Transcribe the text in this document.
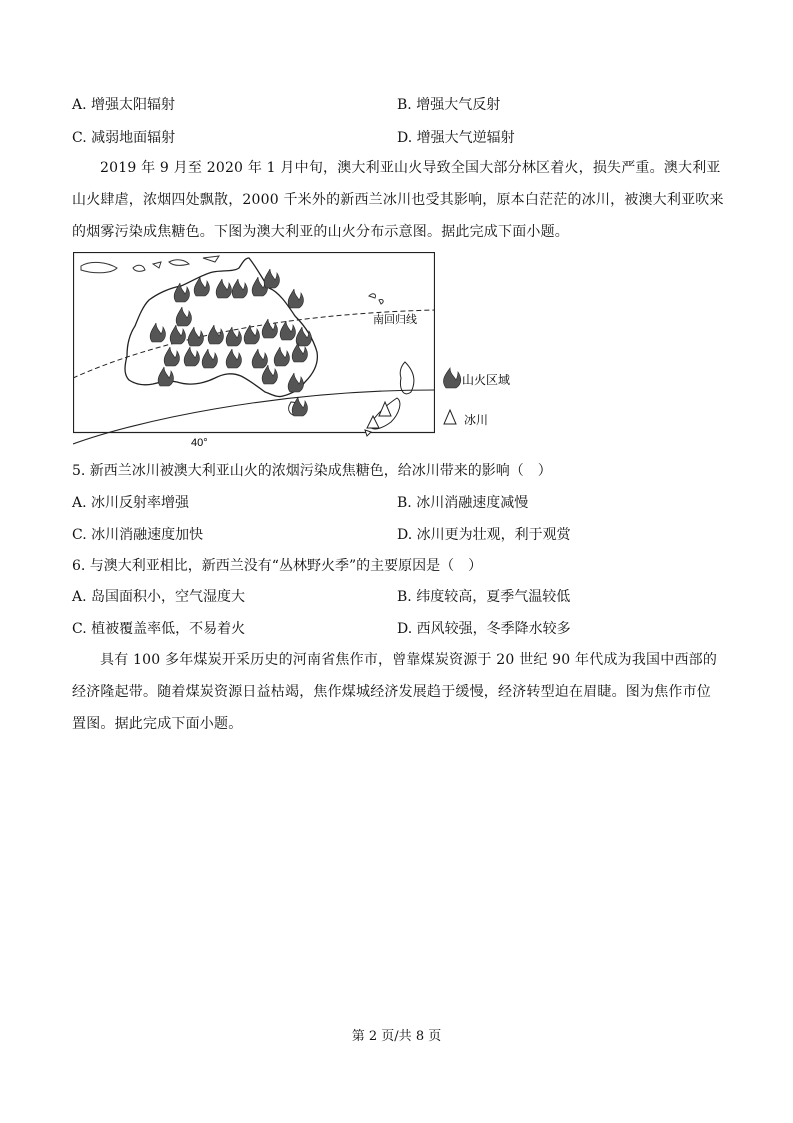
A. 增强太阳辐射	B. 增强大气反射
C. 减弱地面辐射	D. 增强大气逆辐射
2019 年 9 月至 2020 年 1 月中旬，澳大利亚山火导致全国大部分林区着火，损失严重。澳大利亚山火肆虐，浓烟四处飘散，2000 千米外的新西兰冰川也受其影响，原本白茫茫的冰川，被澳大利亚吹来的烟雾污染成焦糖色。下图为澳大利亚的山火分布示意图。据此完成下面小题。
南回归线
40°
山火区域
冰川
5. 新西兰冰川被澳大利亚山火的浓烟污染成焦糖色，给冰川带来的影响（　）
A. 冰川反射率增强	B. 冰川消融速度减慢
C. 冰川消融速度加快	D. 冰川更为壮观，利于观赏
6. 与澳大利亚相比，新西兰没有“丛林野火季”的主要原因是（　）
A. 岛国面积小，空气湿度大	B. 纬度较高，夏季气温较低
C. 植被覆盖率低，不易着火	D. 西风较强，冬季降水较多
具有 100 多年煤炭开采历史的河南省焦作市，曾靠煤炭资源于 20 世纪 90 年代成为我国中西部的经济隆起带。随着煤炭资源日益枯竭，焦作煤城经济发展趋于缓慢，经济转型迫在眉睫。图为焦作市位置图。据此完成下面小题。
第 2 页/共 8 页
